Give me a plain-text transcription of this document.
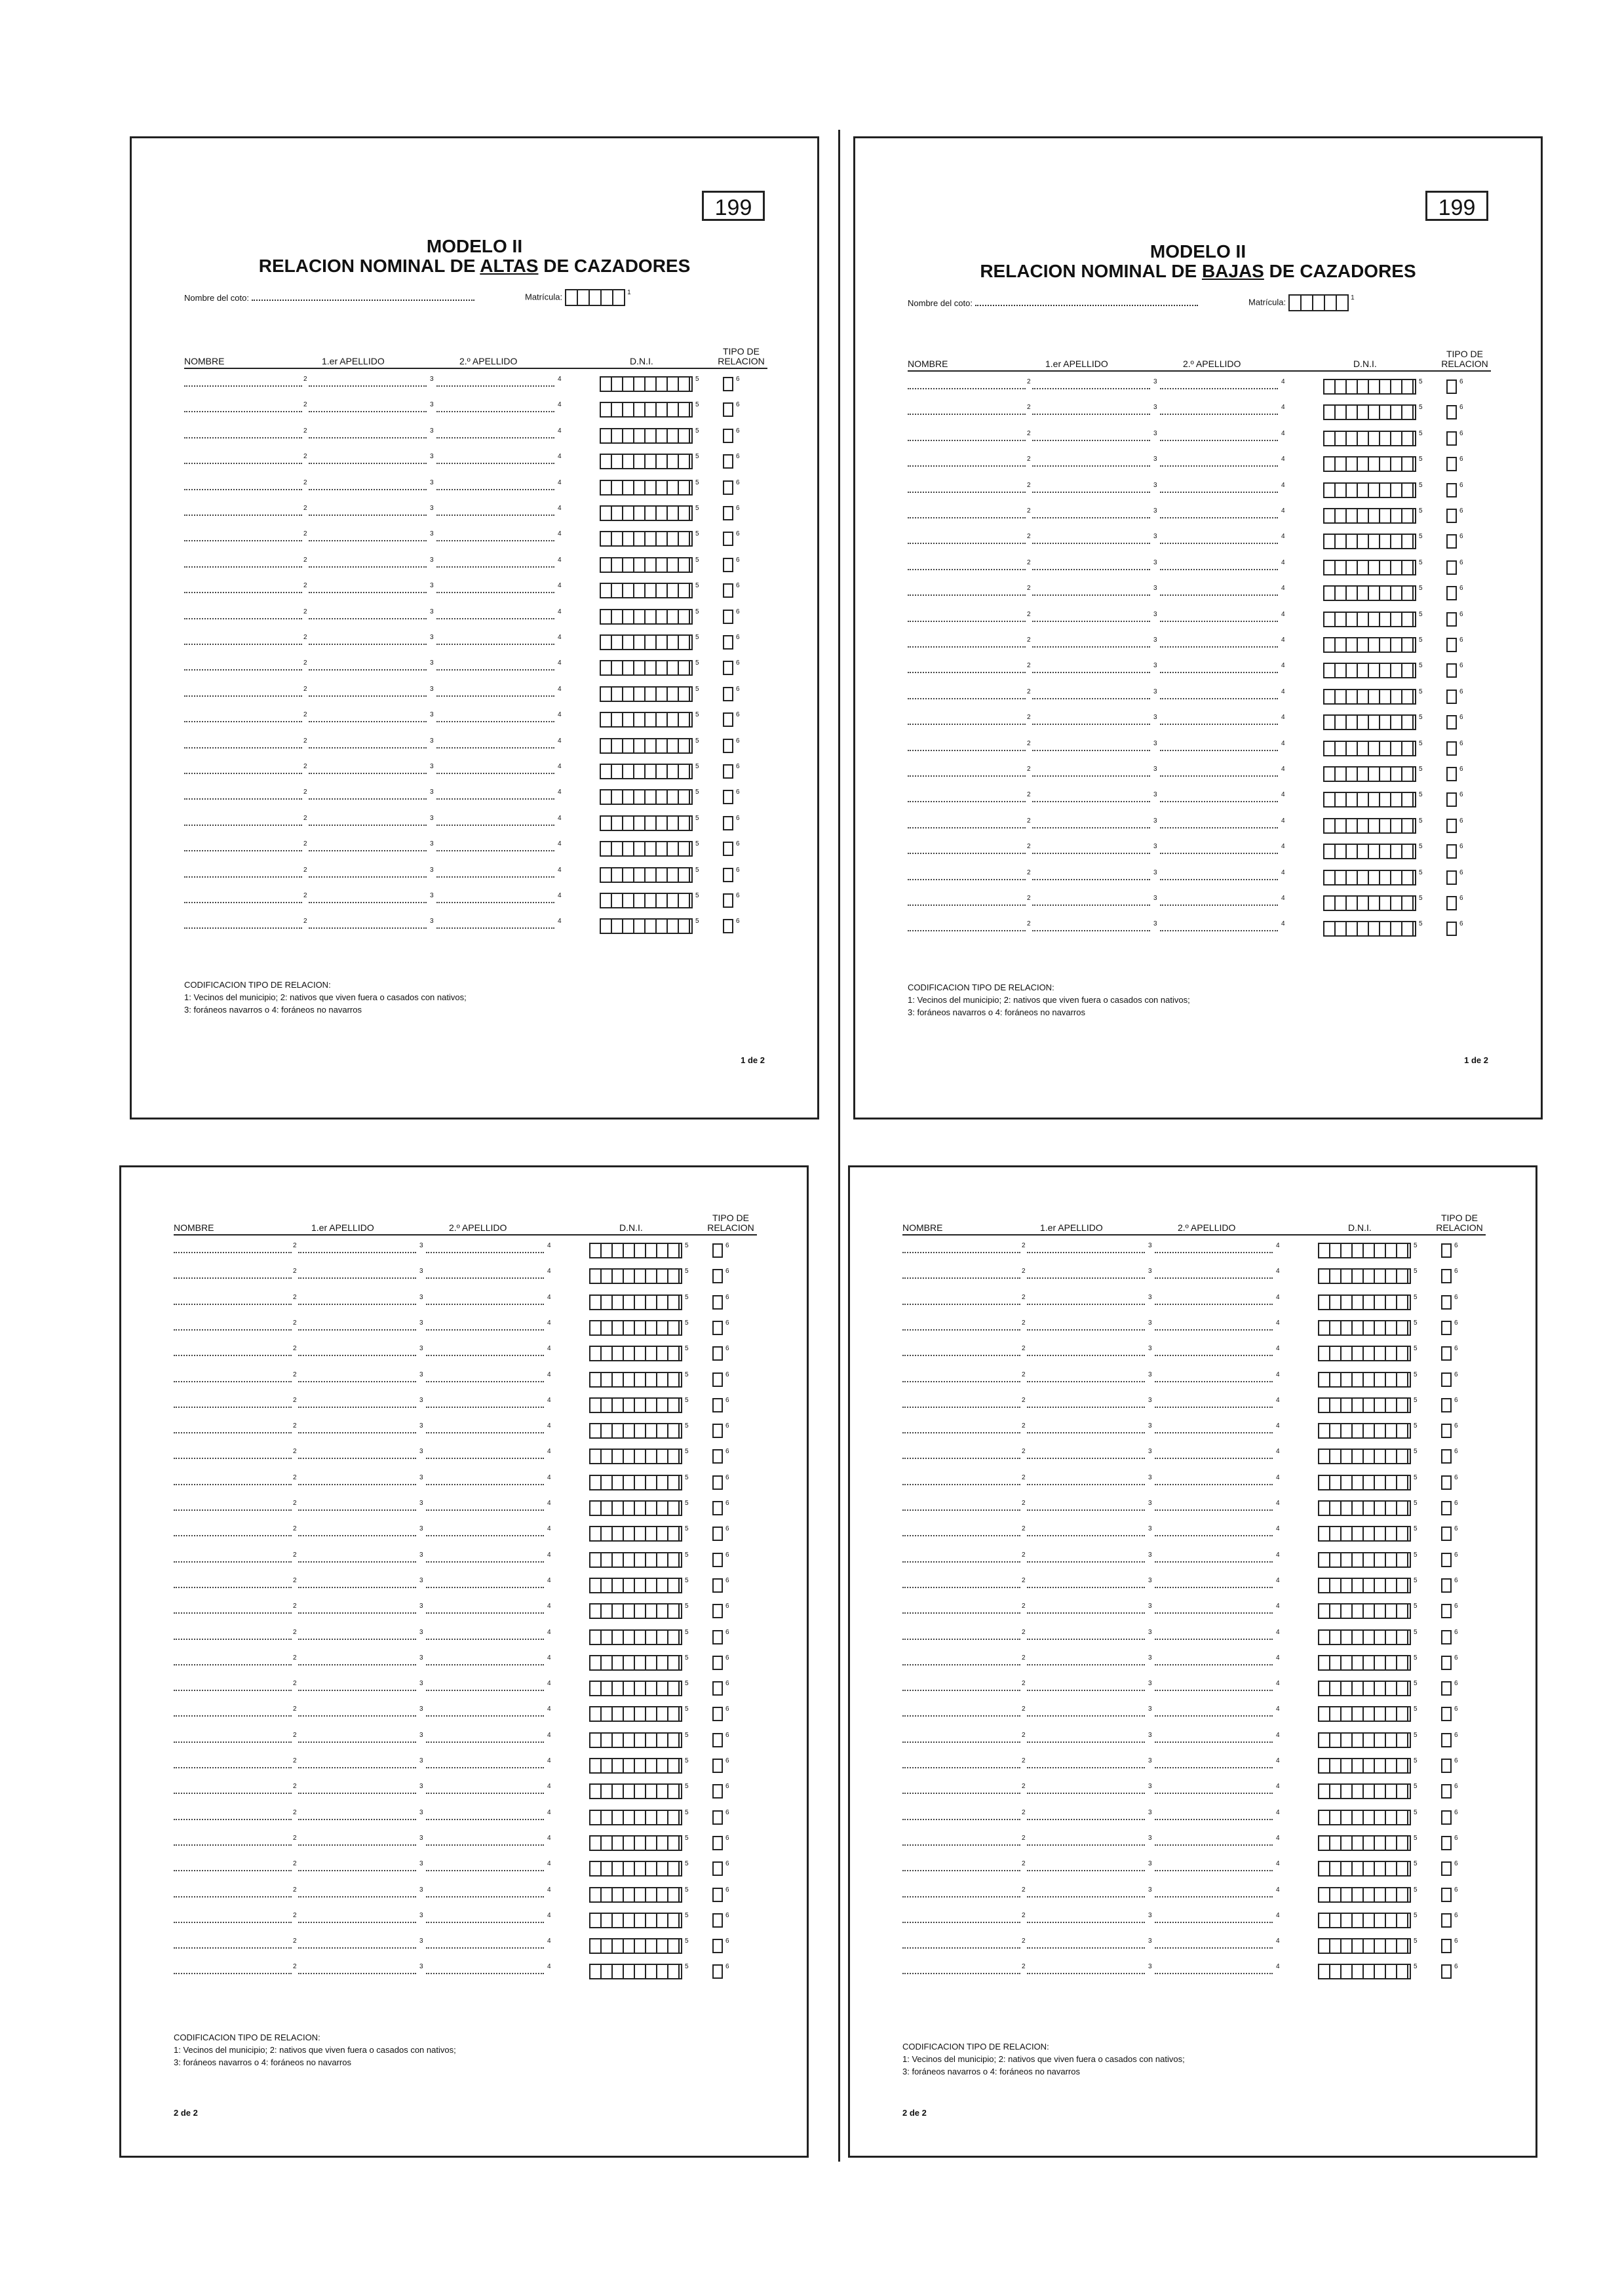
199
MODELO II
RELACION NOMINAL DE ALTAS DE CAZADORES
Nombre del coto:	Matrícula:	$^1$
2	3	4	5	6
2	3	4	5	6
2	3	4	5	6
2	3	4	5	6
2	3	4	5	6
2	3	4	5	6
2	3	4	5	6
2	3	4	5	6
2	3	4	5	6
2	3	4	5	6
2	3	4	5	6
2	3	4	5	6
2	3	4	5	6
2	3	4	5	6
2	3	4	5	6
2	3	4	5	6
2	3	4	5	6
2	3	4	5	6
2	3	4	5	6
2	3	4	5	6
2	3	4	5	6
2	3	4	5	6
CODIFICACION TIPO DE RELACION:
1: Vecinos del municipio; 2: nativos que viven fuera o casados con nativos;
3: foráneos navarros o 4: foráneos no navarros
1 de 2
NOMBRE	1.er APELLIDO	2.º APELLIDO	D.N.I.
TIPO DE
RELACION
199
MODELO II
RELACION NOMINAL DE BAJAS DE CAZADORES
Nombre del coto:	Matrícula:	$^1$
2	3	4	5	6
2	3	4	5	6
2	3	4	5	6
2	3	4	5	6
2	3	4	5	6
2	3	4	5	6
2	3	4	5	6
2	3	4	5	6
2	3	4	5	6
2	3	4	5	6
2	3	4	5	6
2	3	4	5	6
2	3	4	5	6
2	3	4	5	6
2	3	4	5	6
2	3	4	5	6
2	3	4	5	6
2	3	4	5	6
2	3	4	5	6
2	3	4	5	6
2	3	4	5	6
2	3	4	5	6
CODIFICACION TIPO DE RELACION:
1: Vecinos del municipio; 2: nativos que viven fuera o casados con nativos;
3: foráneos navarros o 4: foráneos no navarros
1 de 2
NOMBRE	1.er APELLIDO	2.º APELLIDO	D.N.I.
TIPO DE
RELACION
2	3	4	5	6
2	3	4	5	6
2	3	4	5	6
2	3	4	5	6
2	3	4	5	6
2	3	4	5	6
2	3	4	5	6
2	3	4	5	6
2	3	4	5	6
2	3	4	5	6
2	3	4	5	6
2	3	4	5	6
2	3	4	5	6
2	3	4	5	6
2	3	4	5	6
2	3	4	5	6
2	3	4	5	6
2	3	4	5	6
2	3	4	5	6
2	3	4	5	6
2	3	4	5	6
2	3	4	5	6
2	3	4	5	6
2	3	4	5	6
2	3	4	5	6
2	3	4	5	6
2	3	4	5	6
2	3	4	5	6
2	3	4	5	6
CODIFICACION TIPO DE RELACION:
1: Vecinos del municipio; 2: nativos que viven fuera o casados con nativos;
3: foráneos navarros o 4: foráneos no navarros
2 de 2
NOMBRE	1.er APELLIDO	2.º APELLIDO	D.N.I.
TIPO DE
RELACION
2	3	4	5	6
2	3	4	5	6
2	3	4	5	6
2	3	4	5	6
2	3	4	5	6
2	3	4	5	6
2	3	4	5	6
2	3	4	5	6
2	3	4	5	6
2	3	4	5	6
2	3	4	5	6
2	3	4	5	6
2	3	4	5	6
2	3	4	5	6
2	3	4	5	6
2	3	4	5	6
2	3	4	5	6
2	3	4	5	6
2	3	4	5	6
2	3	4	5	6
2	3	4	5	6
2	3	4	5	6
2	3	4	5	6
2	3	4	5	6
2	3	4	5	6
2	3	4	5	6
2	3	4	5	6
2	3	4	5	6
2	3	4	5	6
CODIFICACION TIPO DE RELACION:
1: Vecinos del municipio; 2: nativos que viven fuera o casados con nativos;
3: foráneos navarros o 4: foráneos no navarros
2 de 2
NOMBRE	1.er APELLIDO	2.º APELLIDO	D.N.I.
TIPO DE
RELACION
